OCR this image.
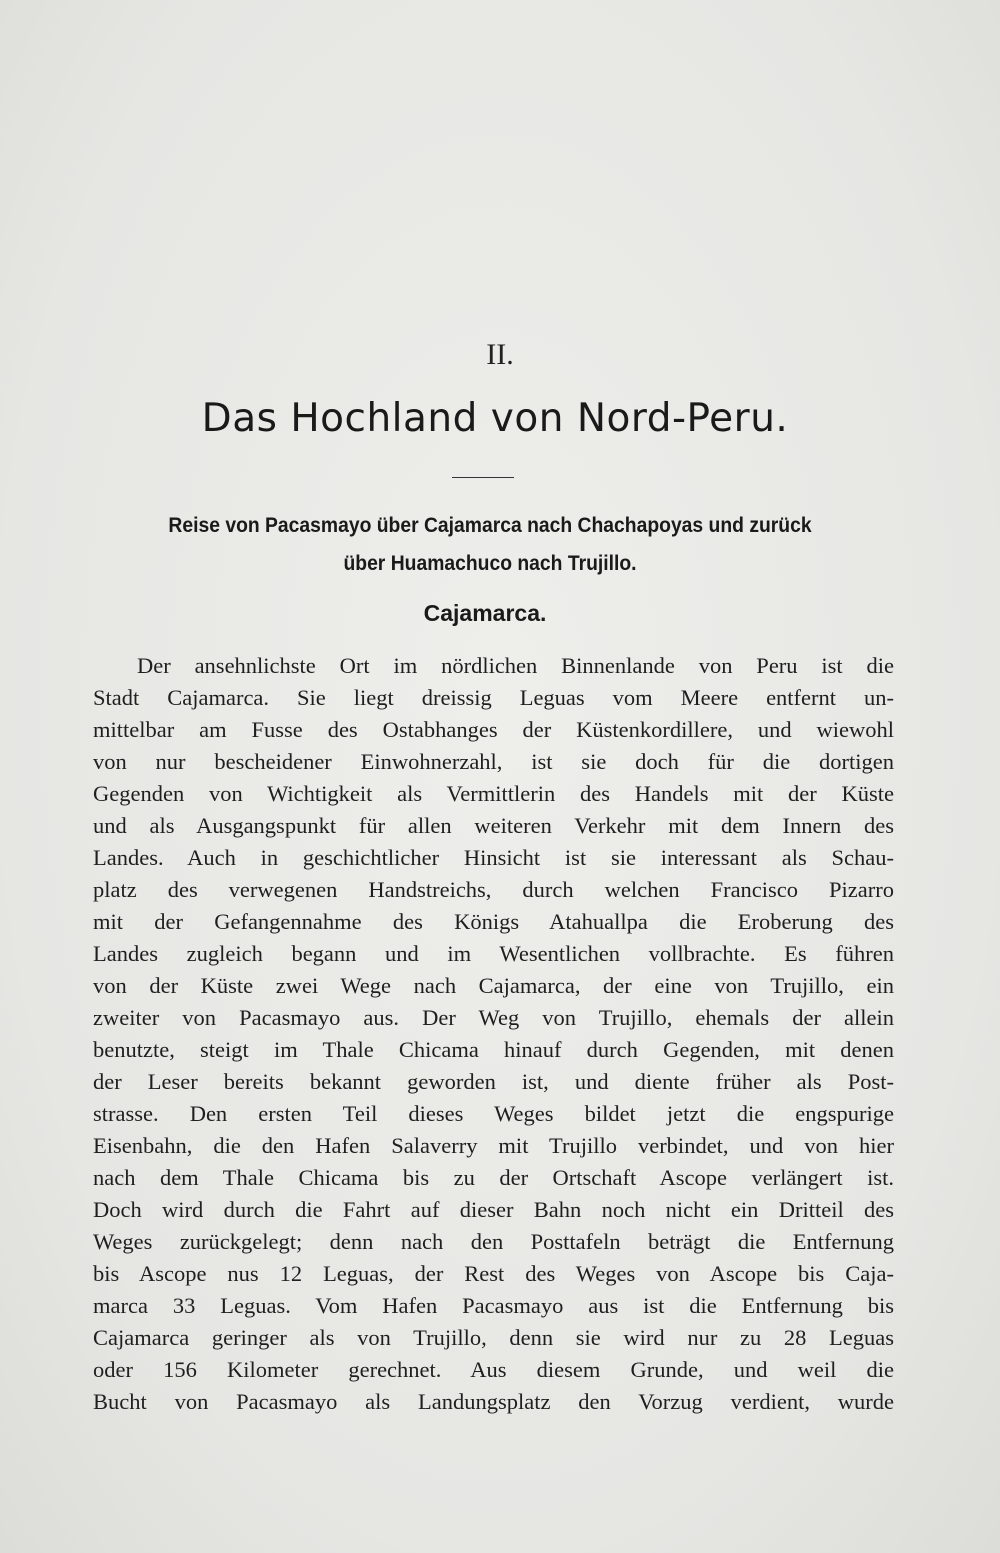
II.
Das Hochland von Nord-Peru.
Reise von Pacasmayo über Cajamarca nach Chachapoyas und zurück
über Huamachuco nach Trujillo.
Cajamarca.
Der ansehnlichste Ort im nördlichen Binnenlande von Peru ist die
Stadt Cajamarca. Sie liegt dreissig Leguas vom Meere entfernt un-
mittelbar am Fusse des Ostabhanges der Küstenkordillere, und wiewohl
von nur bescheidener Einwohnerzahl, ist sie doch für die dortigen
Gegenden von Wichtigkeit als Vermittlerin des Handels mit der Küste
und als Ausgangspunkt für allen weiteren Verkehr mit dem Innern des
Landes. Auch in geschichtlicher Hinsicht ist sie interessant als Schau-
platz des verwegenen Handstreichs, durch welchen Francisco Pizarro
mit der Gefangennahme des Königs Atahuallpa die Eroberung des
Landes zugleich begann und im Wesentlichen vollbrachte. Es führen
von der Küste zwei Wege nach Cajamarca, der eine von Trujillo, ein
zweiter von Pacasmayo aus. Der Weg von Trujillo, ehemals der allein
benutzte, steigt im Thale Chicama hinauf durch Gegenden, mit denen
der Leser bereits bekannt geworden ist, und diente früher als Post-
strasse. Den ersten Teil dieses Weges bildet jetzt die engspurige
Eisenbahn, die den Hafen Salaverry mit Trujillo verbindet, und von hier
nach dem Thale Chicama bis zu der Ortschaft Ascope verlängert ist.
Doch wird durch die Fahrt auf dieser Bahn noch nicht ein Dritteil des
Weges zurückgelegt; denn nach den Posttafeln beträgt die Entfernung
bis Ascope nus 12 Leguas, der Rest des Weges von Ascope bis Caja-
marca 33 Leguas. Vom Hafen Pacasmayo aus ist die Entfernung bis
Cajamarca geringer als von Trujillo, denn sie wird nur zu 28 Leguas
oder 156 Kilometer gerechnet. Aus diesem Grunde, und weil die
Bucht von Pacasmayo als Landungsplatz den Vorzug verdient, wurde
